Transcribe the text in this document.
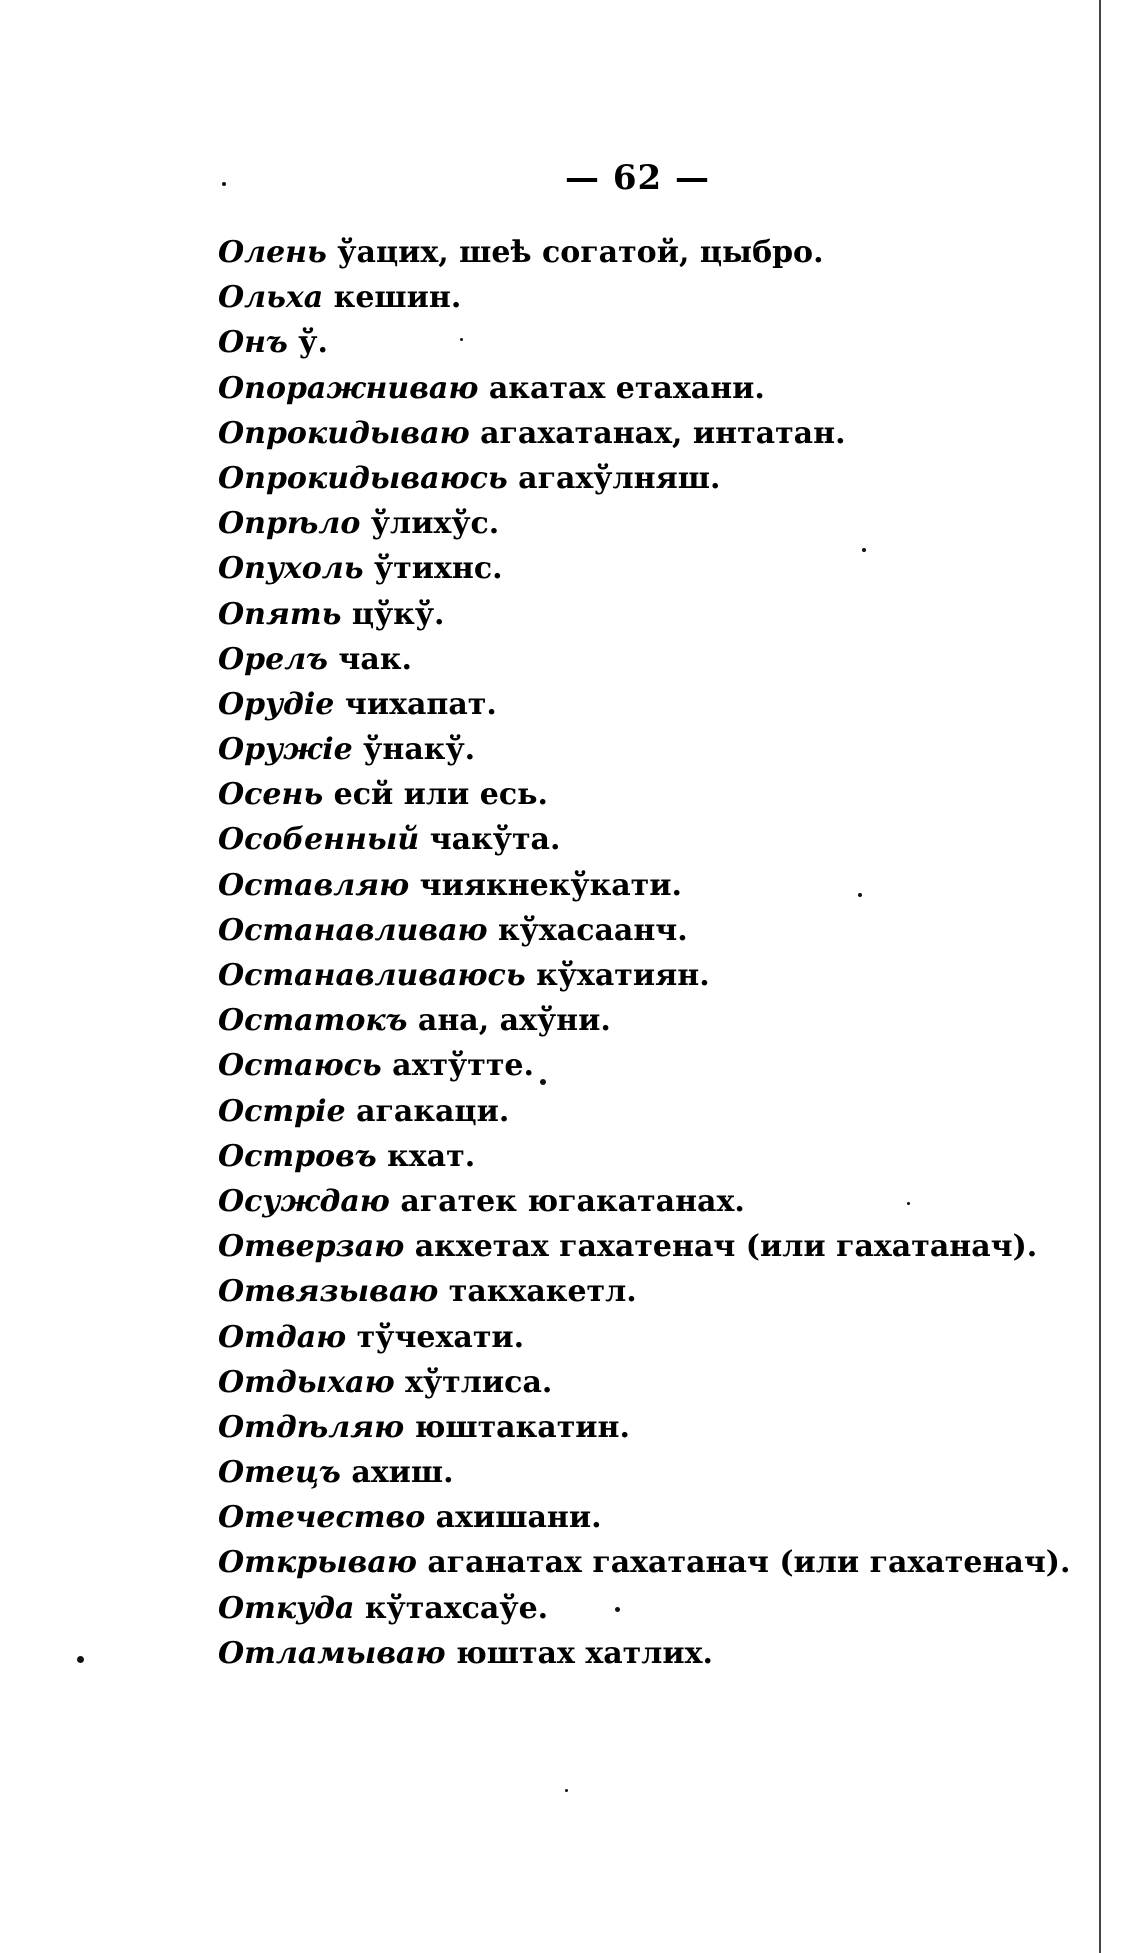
— 62 —
Олень ўацих, шеѣ согатой, цыбро.
Ольха кешин.
Онъ ў.
Опоражниваю акатах етахани.
Опрокидываю агахатанах, интатан.
Опрокидываюсь агахўлняш.
Опрѣло ўлихўс.
Опухоль ўтихнс.
Опять цўкў.
Орелъ чак.
Орудіе чихапат.
Оружіе ўнакў.
Осень есй или есь.
Особенный чакўта.
Оставляю чиякнекўкати.
Останавливаю кўхасаанч.
Останавливаюсь кўхатиян.
Остатокъ ана, ахўни.
Остаюсь ахтўтте.
Остріе агакаци.
Островъ кхат.
Осуждаю агатек югакатанах.
Отверзаю акхетах гахатенач (или гахатанач).
Отвязываю такхакетл.
Отдаю тўчехати.
Отдыхаю хўтлиса.
Отдѣляю юштакатин.
Отецъ ахиш.
Отечество ахишани.
Открываю аганатах гахатанач (или гахатенач).
Откуда кўтахсаўе.
Отламываю юштах хатлих.
